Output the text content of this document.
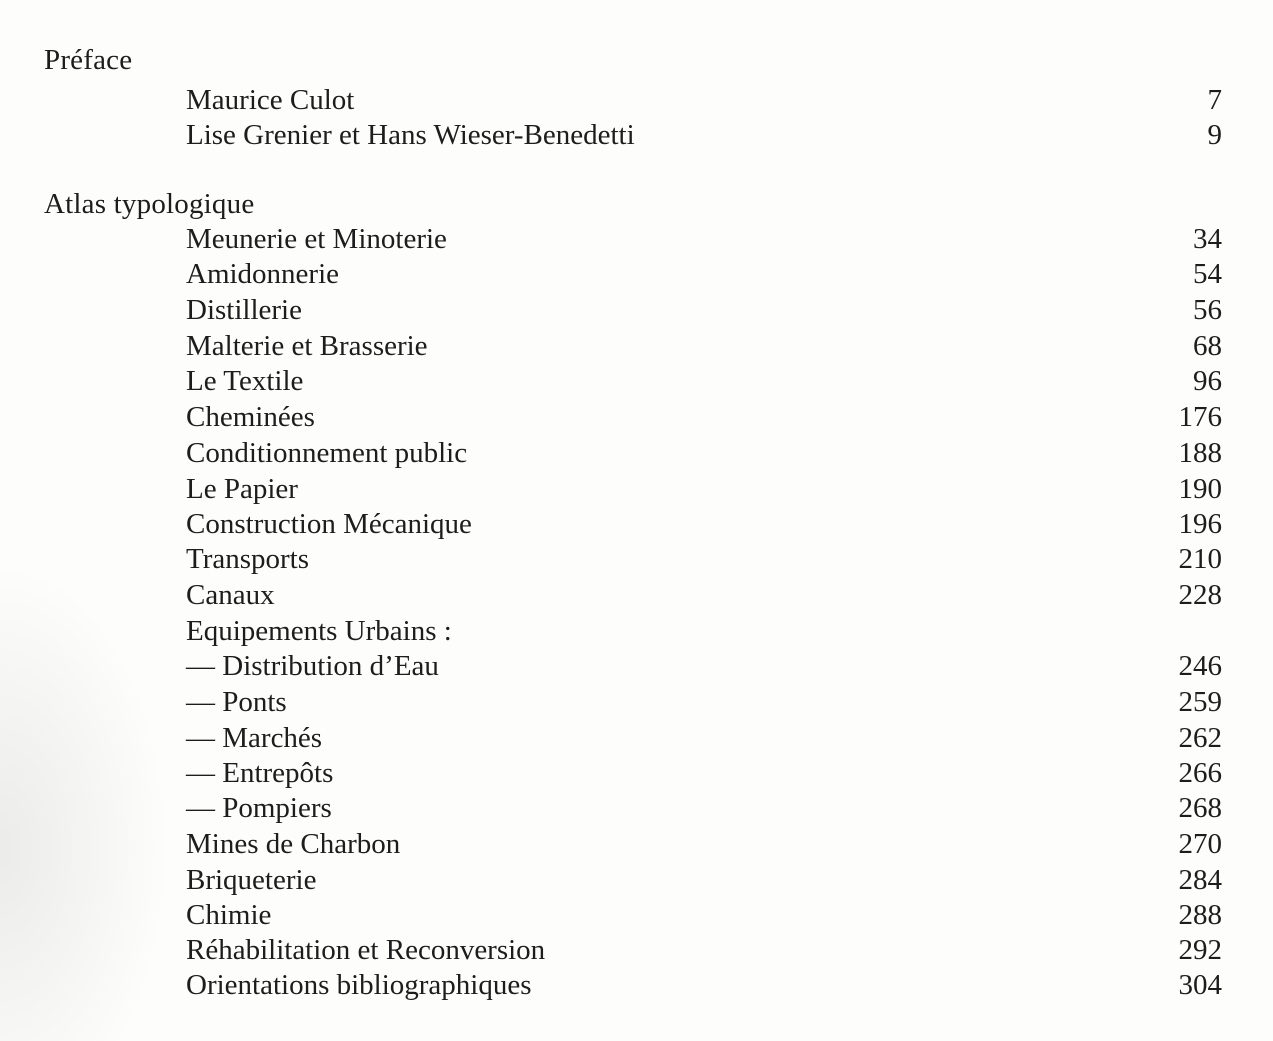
Préface
Maurice Culot	7
Lise Grenier et Hans Wieser-Benedetti	9
Atlas typologique
Meunerie et Minoterie	34
Amidonnerie	54
Distillerie	56
Malterie et Brasserie	68
Le Textile	96
Cheminées	176
Conditionnement public	188
Le Papier	190
Construction Mécanique	196
Transports	210
Canaux	228
Equipements Urbains :
— Distribution d’Eau	246
— Ponts	259
— Marchés	262
— Entrepôts	266
— Pompiers	268
Mines de Charbon	270
Briqueterie	284
Chimie	288
Réhabilitation et Reconversion	292
Orientations bibliographiques	304
